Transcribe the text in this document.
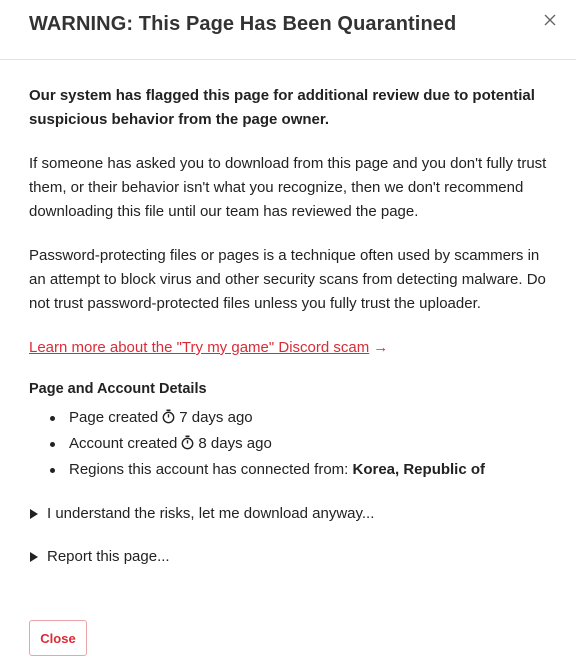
WARNING: This Page Has Been Quarantined

Our system has flagged this page for additional review due to potential suspicious behavior from the page owner.

If someone has asked you to download from this page and you don't fully trust them, or their behavior isn't what you recognize, then we don't recommend downloading this file until our team has reviewed the page.

Password-protecting files or pages is a technique often used by scammers in an attempt to block virus and other security scans from detecting malware. Do not trust password-protected files unless you fully trust the uploader.

Learn more about the "Try my game" Discord scam →

Page and Account Details

Page created 7 days ago
Account created 8 days ago
Regions this account has connected from: Korea, Republic of
I understand the risks, let me download anyway...
Report this page...
Close
